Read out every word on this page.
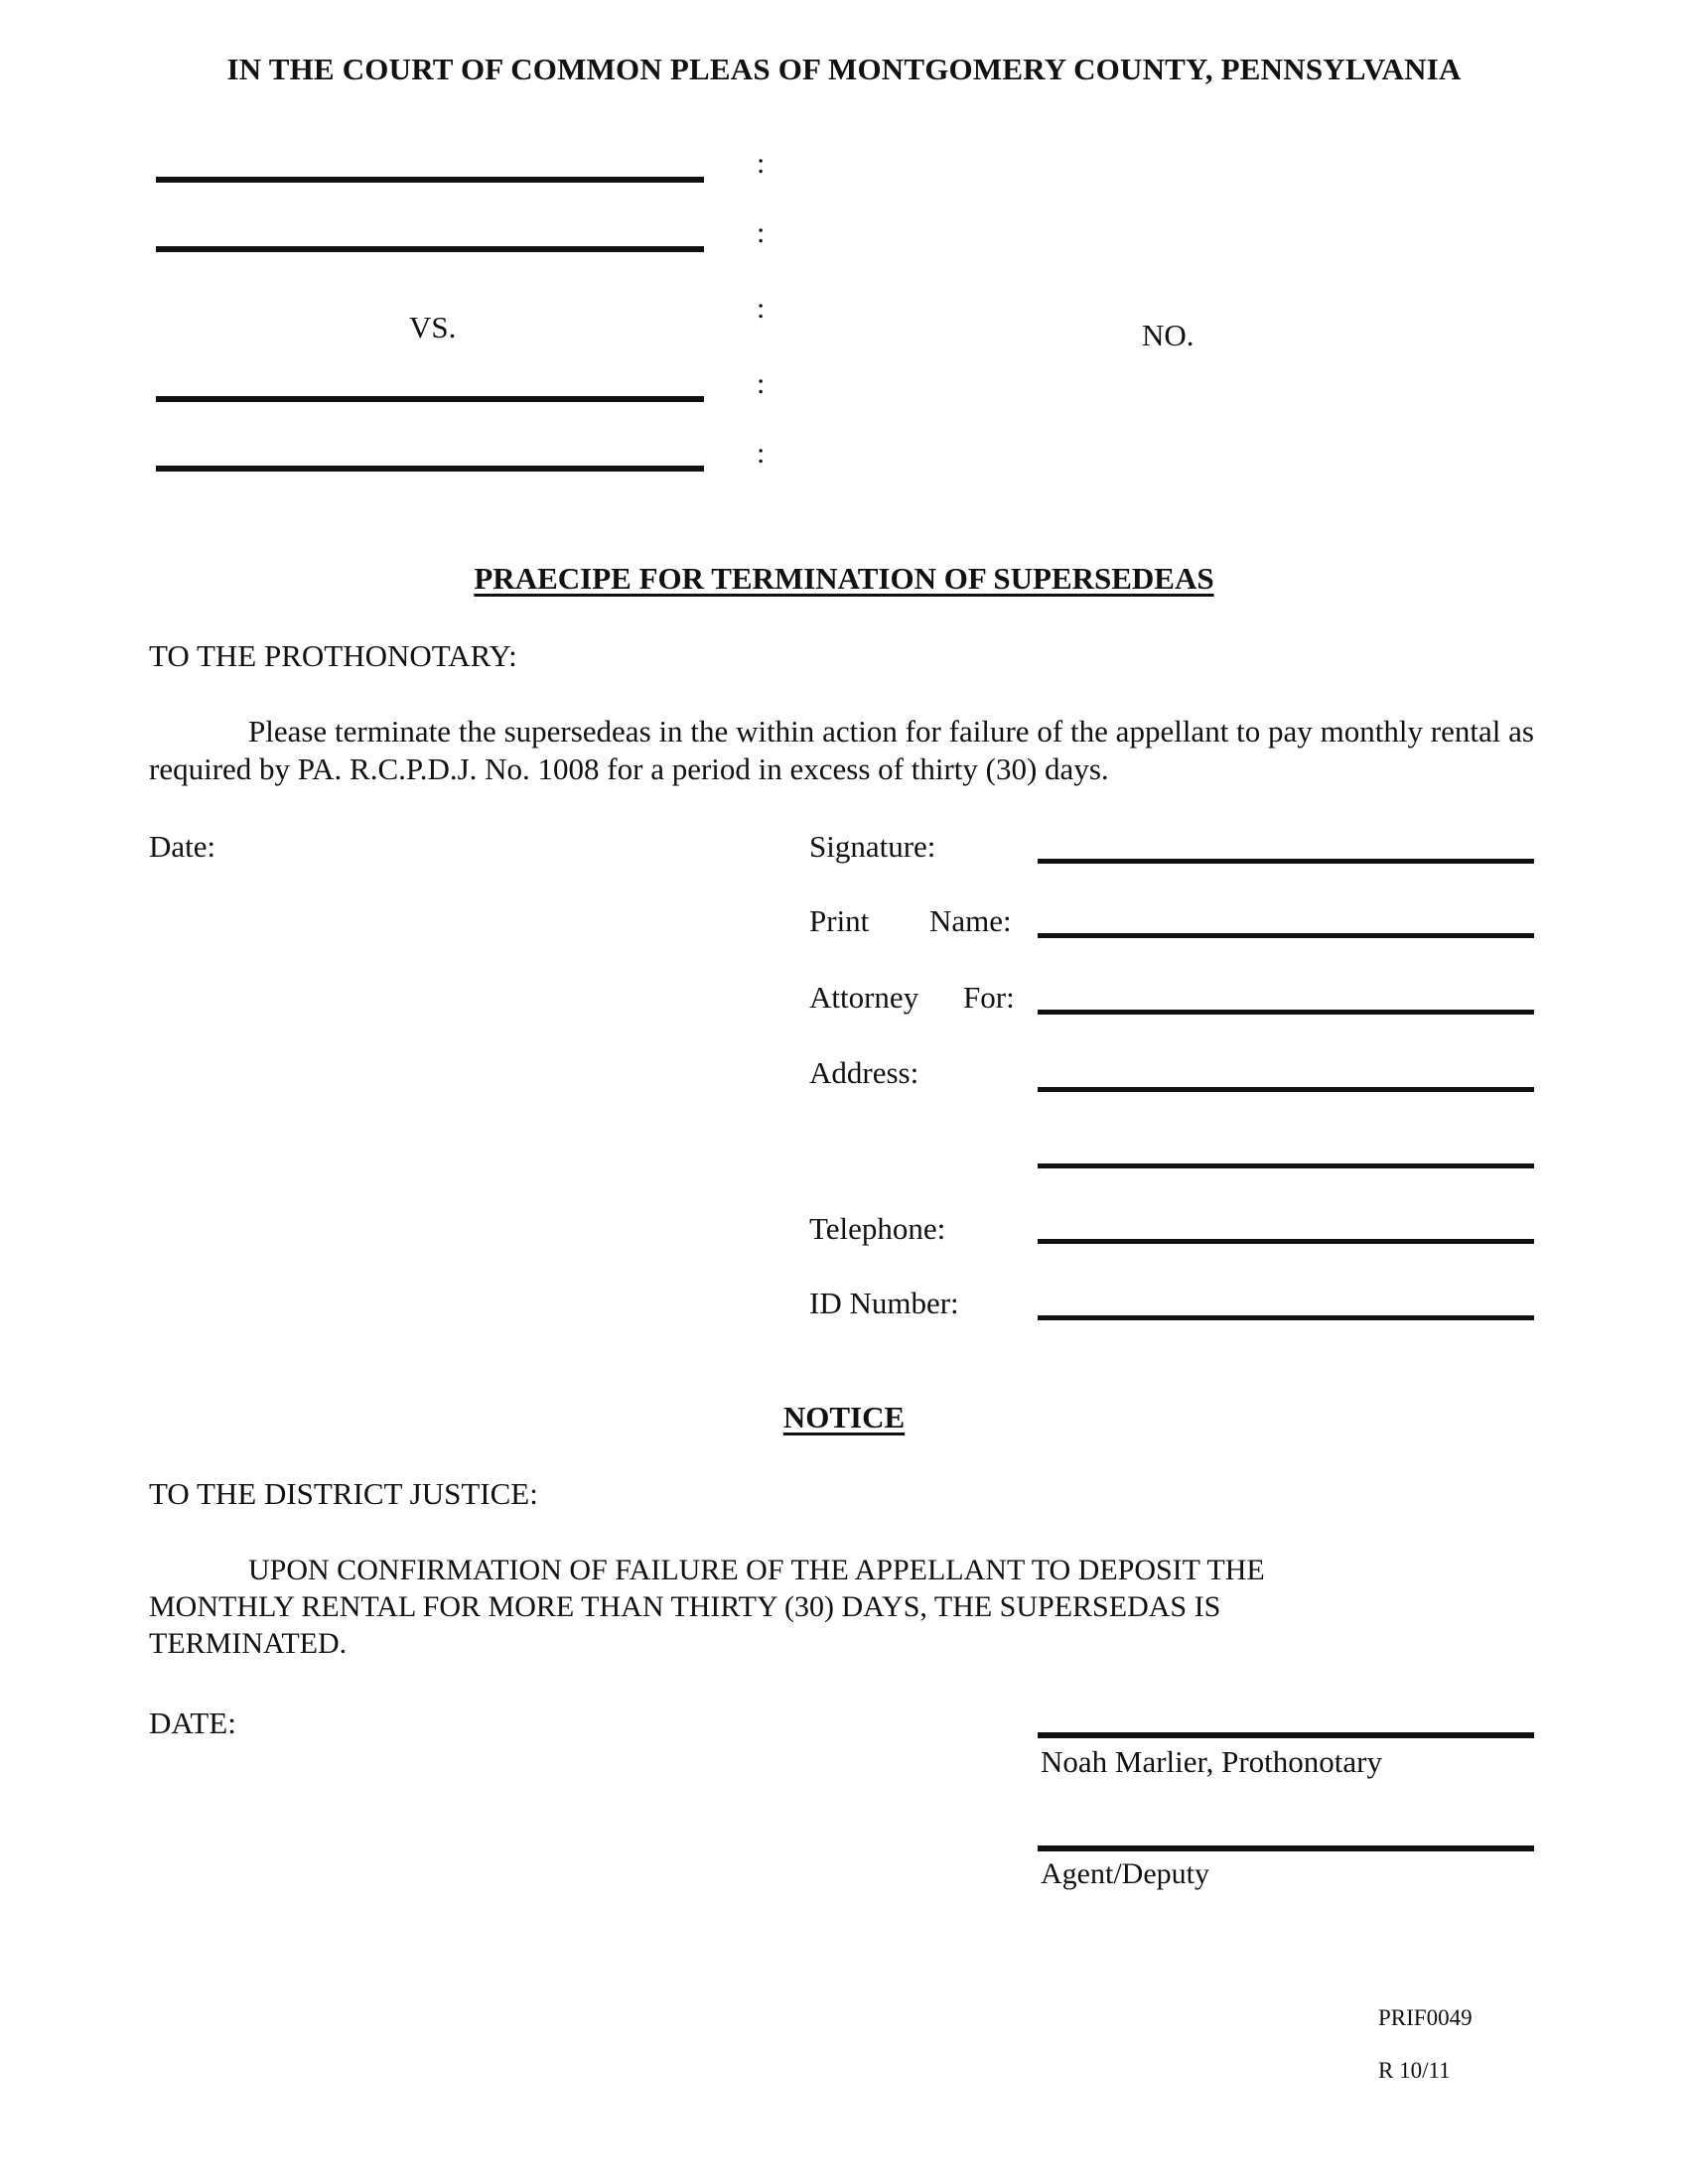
IN THE COURT OF COMMON PLEAS OF MONTGOMERY COUNTY, PENNSYLVANIA
:
:
:
:
:
VS.	NO.
PRAECIPE FOR TERMINATION OF SUPERSEDEAS
TO THE PROTHONOTARY:
Please terminate the supersedeas in the within action for failure of the appellant to pay monthly rental as required by PA. R.C.P.D.J. No. 1008 for a period in excess of thirty (30) days.
Date:	Signature:
Print Name:
Attorney For:
Address:
Telephone:
ID Number:
NOTICE
TO THE DISTRICT JUSTICE:
UPON CONFIRMATION OF FAILURE OF THE APPELLANT TO DEPOSIT THE MONTHLY RENTAL FOR MORE THAN THIRTY (30) DAYS, THE SUPERSEDAS IS TERMINATED.
DATE:
Noah Marlier, Prothonotary
Agent/Deputy
PRIF0049
R 10/11
